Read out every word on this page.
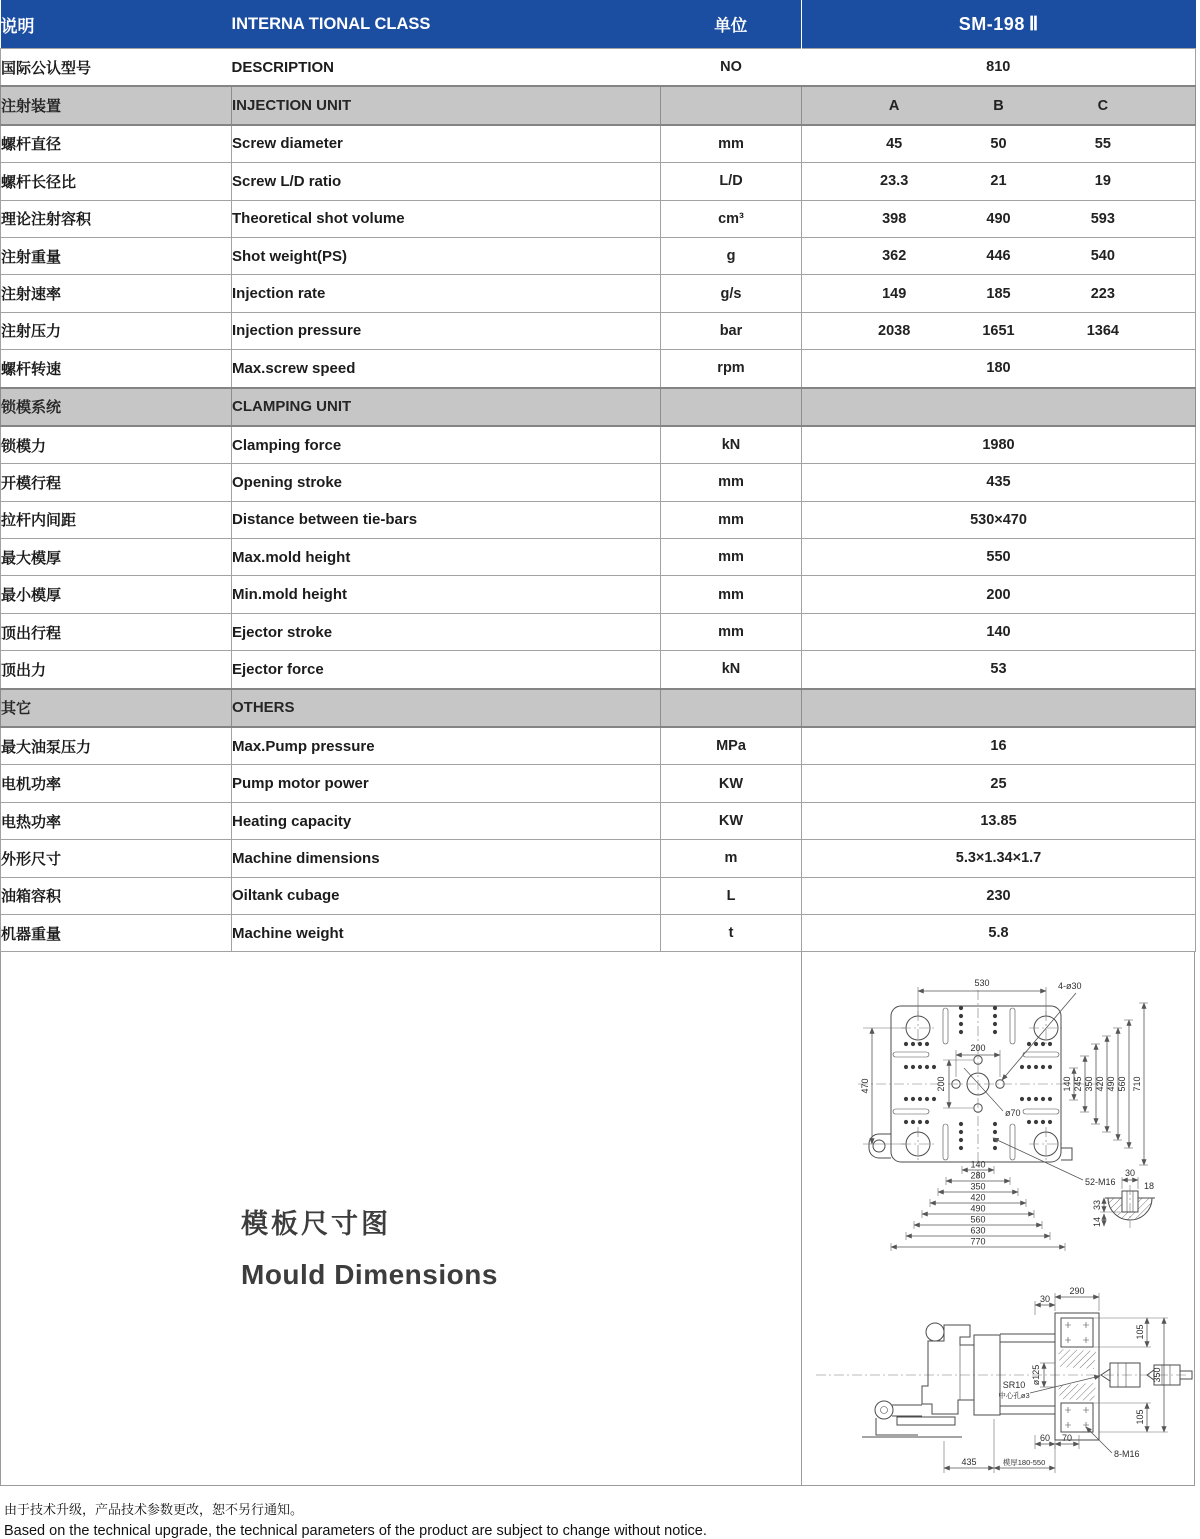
说明	INTERNA TIONAL CLASS	单位	SM-198 Ⅱ
国际公认型号	DESCRIPTION	NO	810

注射装置	INJECTION UNIT		A B C

螺杆直径	Screw diameter	mm	45 50 55

螺杆长径比	Screw L/D ratio	L/D	23.3 21 19

理论注射容积	Theoretical shot volume	cm³	398 490 593

注射重量	Shot weight(PS)	g	362 446 540

注射速率	Injection rate	g/s	149 185 223

注射压力	Injection pressure	bar	2038 1651 1364

螺杆转速	Max.screw speed	rpm	180

锁模系统	CLAMPING UNIT		
锁模力	Clamping force	kN	1980

开模行程	Opening stroke	mm	435

拉杆内间距	Distance between tie-bars	mm	530×470

最大模厚	Max.mold height	mm	550

最小模厚	Min.mold height	mm	200

顶出行程	Ejector stroke	mm	140

顶出力	Ejector force	kN	53

其它	OTHERS		
最大油泵压力	Max.Pump pressure	MPa	16

电机功率	Pump motor power	KW	25

电热功率	Heating capacity	KW	13.85

外形尺寸	Machine dimensions	m	5.3×1.34×1.7

油箱容积	Oiltank cubage	L	230

机器重量	Machine weight	t	5.8
模板尺寸图
Mould Dimensions
530	4-ø30
470
200
200
ø70
52-M16
140 245 350 420 490 560 710
140
280
350
420
490
560
630
770
30
18
33
14

290
30
105
350
105
ø125
SR10
中心孔ø3
60 70
8-M16
435	模厚180-550
由于技术升级，产品技术参数更改，恕不另行通知。
Based on the technical upgrade, the technical parameters of the product are subject to change without notice.
